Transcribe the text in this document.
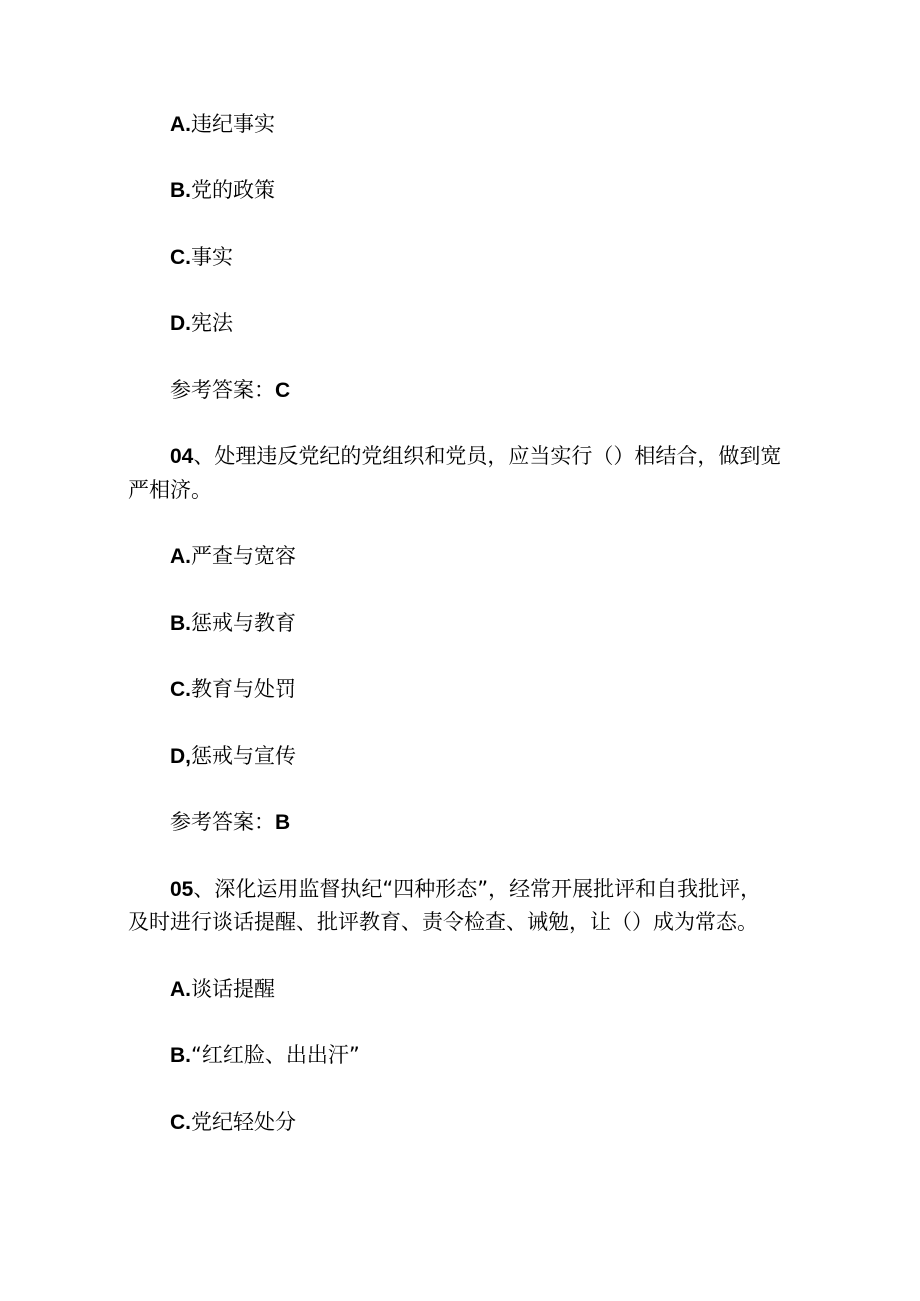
A.违纪事实
B.党的政策
C.事实
D.宪法
参考答案：C
04、处理违反党纪的党组织和党员，应当实行（）相结合，做到宽
严相济。
A.严查与宽容
B.惩戒与教育
C.教育与处罚
D,惩戒与宣传
参考答案：B
05、深化运用监督执纪“四种形态”，经常开展批评和自我批评，
及时进行谈话提醒、批评教育、责令检查、诫勉，让（）成为常态。
A.谈话提醒
B.“红红脸、出出汗”
C.党纪轻处分
